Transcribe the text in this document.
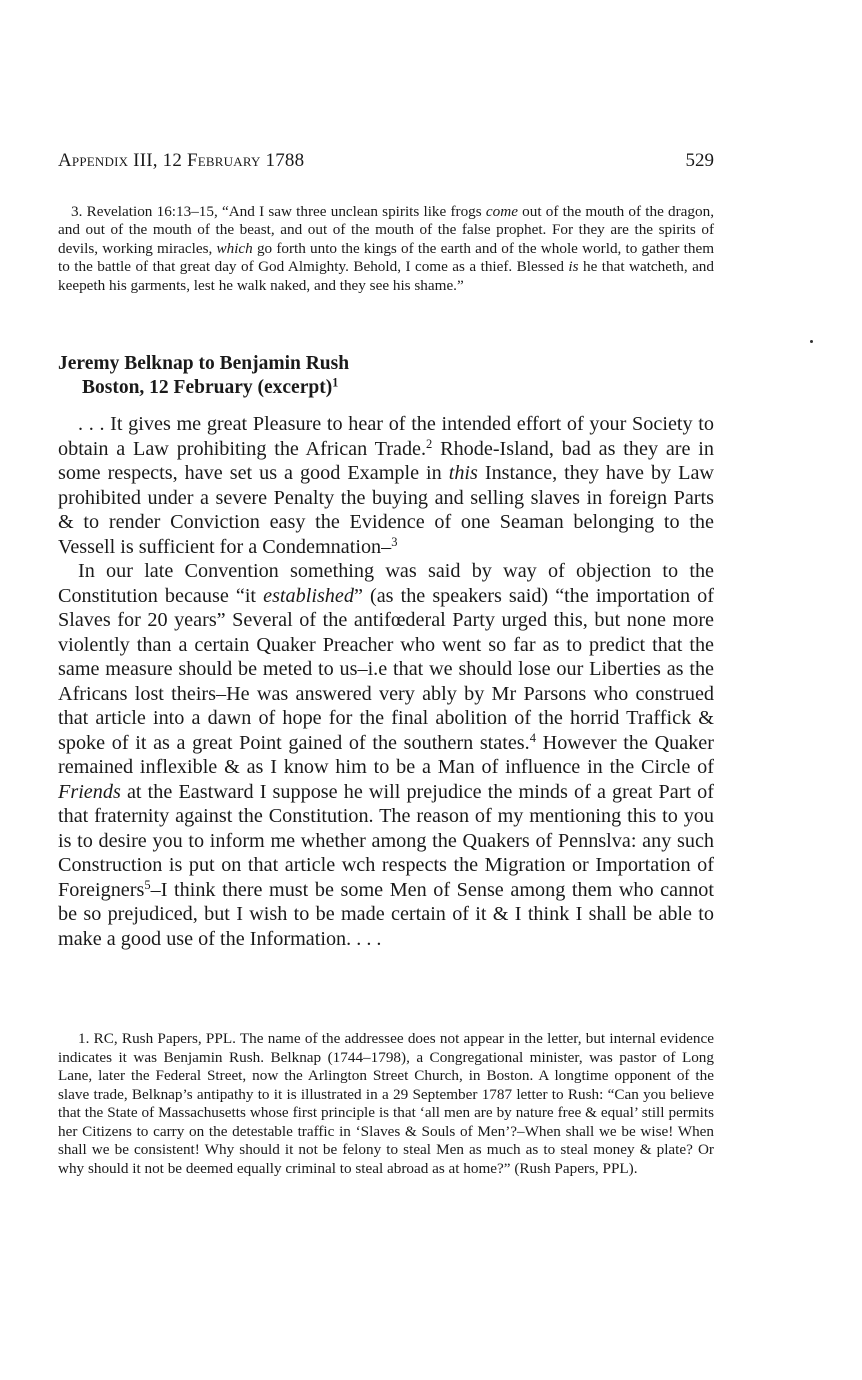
Appendix III, 12 February 1788	529
3. Revelation 16:13–15, “And I saw three unclean spirits like frogs come out of the mouth of the dragon, and out of the mouth of the beast, and out of the mouth of the false prophet. For they are the spirits of devils, working miracles, which go forth unto the kings of the earth and of the whole world, to gather them to the battle of that great day of God Almighty. Behold, I come as a thief. Blessed is he that watcheth, and keepeth his garments, lest he walk naked, and they see his shame.”
Jeremy Belknap to Benjamin Rush
Boston, 12 February (excerpt)$^1$

. . . It gives me great Pleasure to hear of the intended effort of your Society to obtain a Law prohibiting the African Trade.$^2$ Rhode-Island, bad as they are in some respects, have set us a good Example in this Instance, they have by Law prohibited under a severe Penalty the buying and selling slaves in foreign Parts & to render Conviction easy the Evidence of one Seaman belonging to the Vessell is sufficient for a Condemnation–$^3$

In our late Convention something was said by way of objection to the Constitution because “it established” (as the speakers said) “the importation of Slaves for 20 years” Several of the antifœderal Party urged this, but none more violently than a certain Quaker Preacher who went so far as to predict that the same measure should be meted to us–i.e that we should lose our Liberties as the Africans lost theirs–He was answered very ably by Mr Parsons who construed that article into a dawn of hope for the final abolition of the horrid Traffick & spoke of it as a great Point gained of the southern states.$^4$ However the Quaker remained inflexible & as I know him to be a Man of influence in the Circle of Friends at the Eastward I suppose he will prejudice the minds of a great Part of that fraternity against the Constitution. The reason of my mentioning this to you is to desire you to inform me whether among the Quakers of Pennslva: any such Construction is put on that article wch respects the Migration or Importation of Foreigners$^5$–I think there must be some Men of Sense among them who cannot be so prejudiced, but I wish to be made certain of it & I think I shall be able to make a good use of the Information. . . .

1. RC, Rush Papers, PPL. The name of the addressee does not appear in the letter, but internal evidence indicates it was Benjamin Rush. Belknap (1744–1798), a Congregational minister, was pastor of Long Lane, later the Federal Street, now the Arlington Street Church, in Boston. A longtime opponent of the slave trade, Belknap’s antipathy to it is illustrated in a 29 September 1787 letter to Rush: “Can you believe that the State of Massachusetts whose first principle is that ‘all men are by nature free & equal’ still permits her Citizens to carry on the detestable traffic in ‘Slaves & Souls of Men’?–When shall we be wise! When shall we be consistent! Why should it not be felony to steal Men as much as to steal money & plate? Or why should it not be deemed equally criminal to steal abroad as at home?” (Rush Papers, PPL).
